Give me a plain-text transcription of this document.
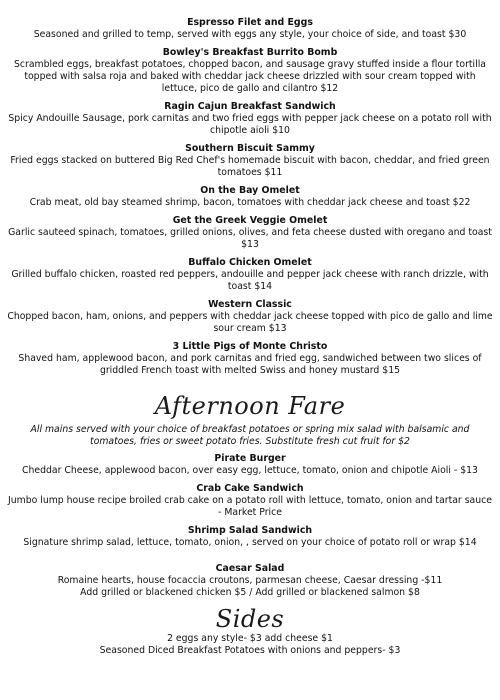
Espresso Filet and Eggs
Seasoned and grilled to temp, served with eggs any style, your choice of side, and toast $30
Bowley's Breakfast Burrito Bomb
Scrambled eggs, breakfast potatoes, chopped bacon, and sausage gravy stuffed inside a flour tortilla topped with salsa roja and baked with cheddar jack cheese drizzled with sour cream topped with lettuce, pico de gallo and cilantro $12
Ragin Cajun Breakfast Sandwich
Spicy Andouille Sausage, pork carnitas and two fried eggs with pepper jack cheese on a potato roll with chipotle aioli $10
Southern Biscuit Sammy
Fried eggs stacked on buttered Big Red Chef's homemade biscuit with bacon, cheddar, and fried green tomatoes $11
On the Bay Omelet
Crab meat, old bay steamed shrimp, bacon, tomatoes with cheddar jack cheese and toast $22
Get the Greek Veggie Omelet
Garlic sauteed spinach, tomatoes, grilled onions, olives, and feta cheese dusted with oregano and toast $13
Buffalo Chicken Omelet
Grilled buffalo chicken, roasted red peppers, andouille and pepper jack cheese with ranch drizzle, with toast $14
Western Classic
Chopped bacon, ham, onions, and peppers with cheddar jack cheese topped with pico de gallo and lime sour cream $13
3 Little Pigs of Monte Christo
Shaved ham, applewood bacon, and pork carnitas and fried egg, sandwiched between two slices of griddled French toast with melted Swiss and honey mustard $15
Afternoon Fare
All mains served with your choice of breakfast potatoes or spring mix salad with balsamic and tomatoes, fries or sweet potato fries. Substitute fresh cut fruit for $2
Pirate Burger
Cheddar Cheese, applewood bacon, over easy egg, lettuce, tomato, onion and chipotle Aioli - $13
Crab Cake Sandwich
Jumbo lump house recipe broiled crab cake on a potato roll with lettuce, tomato, onion and tartar sauce - Market Price
Shrimp Salad Sandwich
Signature shrimp salad, lettuce, tomato, onion, , served on your choice of potato roll or wrap $14
Caesar Salad
Romaine hearts, house focaccia croutons, parmesan cheese, Caesar dressing -$11
Add grilled or blackened chicken $5 / Add grilled or blackened salmon $8
Sides
2 eggs any style- $3 add cheese $1
Seasoned Diced Breakfast Potatoes with onions and peppers- $3
